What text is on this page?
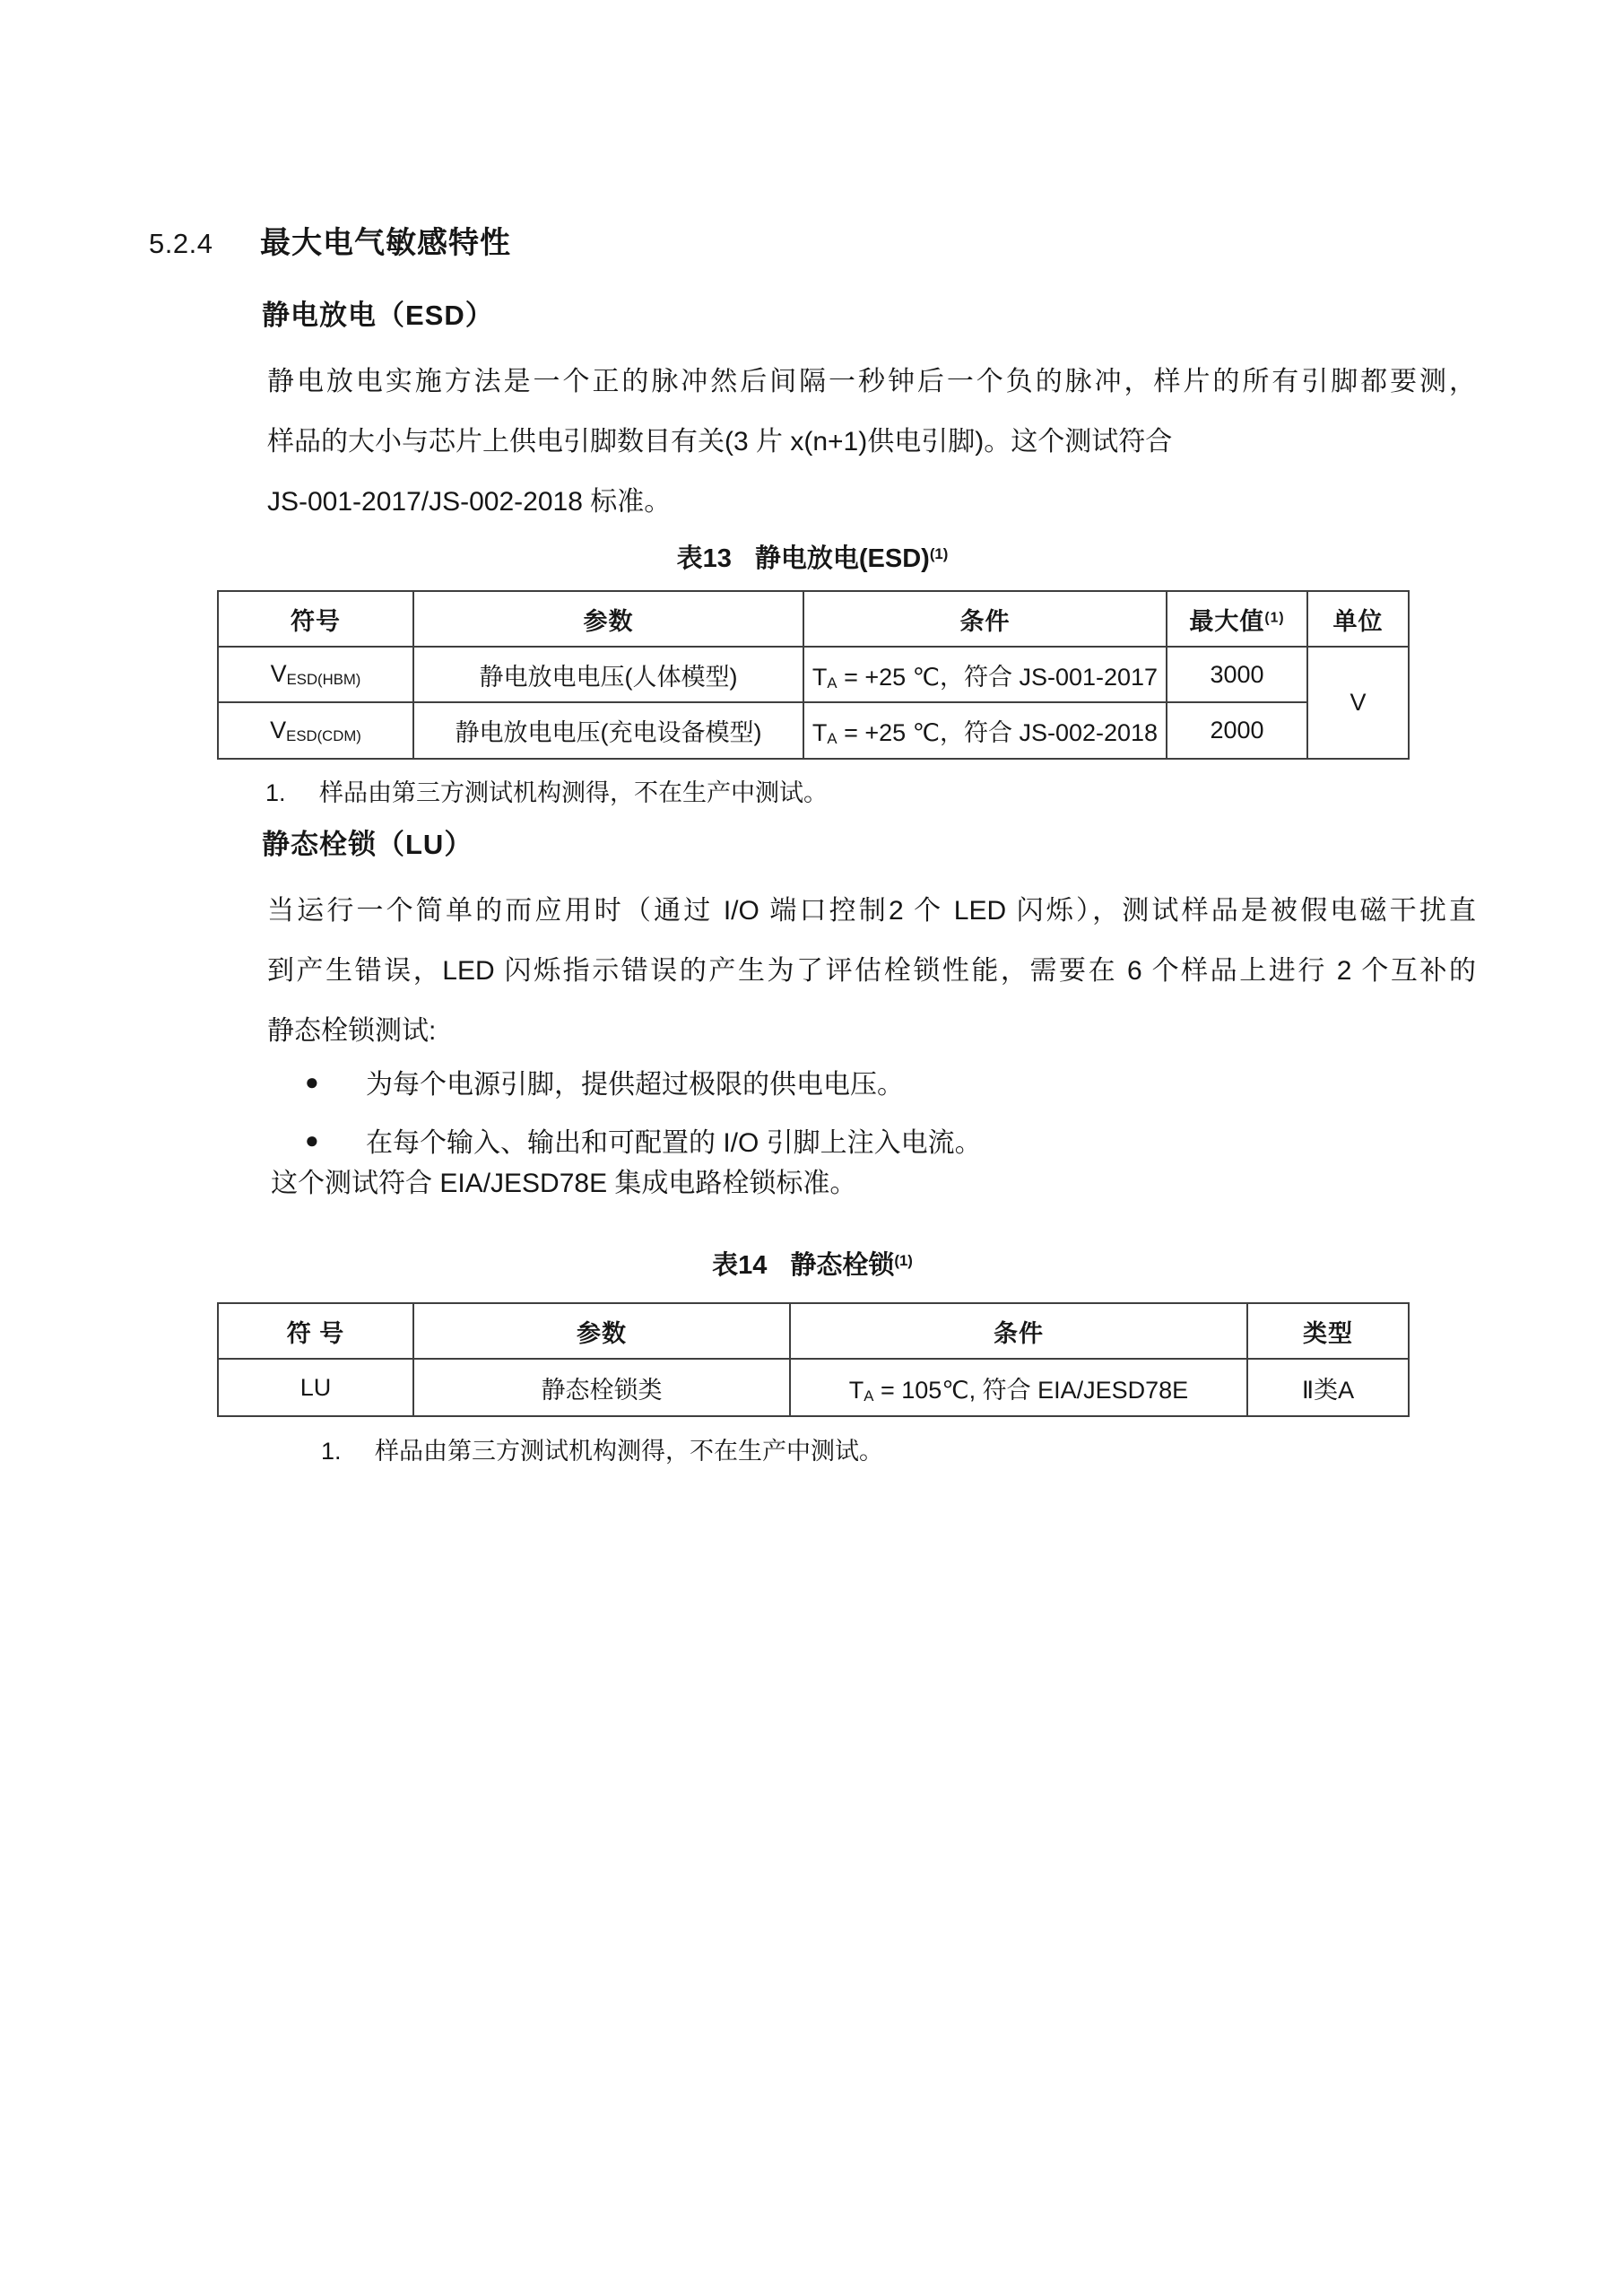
5.2.4	最大电气敏感特性
静电放电（ESD）
静电放电实施方法是一个正的脉冲然后间隔一秒钟后一个负的脉冲，样片的所有引脚都要测，
样品的大小与芯片上供电引脚数目有关(3 片 x(n+1)供电引脚)。这个测试符合
JS-001-2017/JS-002-2018 标准。
表13 静电放电(ESD)$^{(1)}$
符号	参数	条件	最大值$^{(1)}$	单位
VESD(HBM)	静电放电电压(人体模型)	TA = +25 ℃，符合 JS-001-2017	3000	V
VESD(CDM)	静电放电电压(充电设备模型)	TA = +25 ℃，符合 JS-002-2018	2000	
1.	样品由第三方测试机构测得，不在生产中测试。
静态栓锁（LU）
当运行一个简单的而应用时（通过 I/O 端口控制2 个 LED 闪烁），测试样品是被假电磁干扰直
到产生错误，LED 闪烁指示错误的产生为了评估栓锁性能，需要在 6 个样品上进行 2 个互补的
静态栓锁测试:
●	为每个电源引脚，提供超过极限的供电电压。
●	在每个输入、输出和可配置的 I/O 引脚上注入电流。
这个测试符合 EIA/JESD78E 集成电路栓锁标准。
表14 静态栓锁$^{(1)}$
符 号	参数	条件	类型
LU	静态栓锁类	TA = 105℃, 符合 EIA/JESD78E	Ⅱ类A
1.	样品由第三方测试机构测得，不在生产中测试。
